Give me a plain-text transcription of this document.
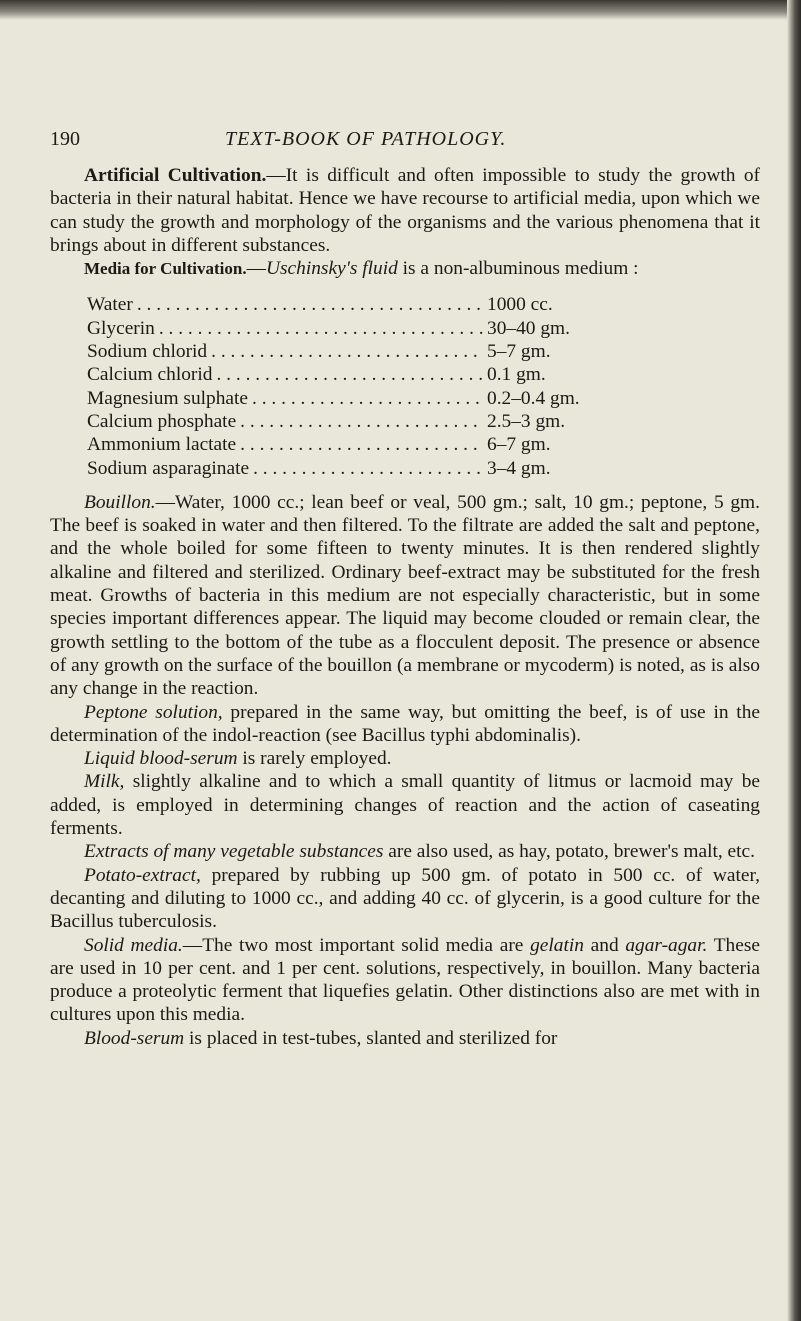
190	TEXT-BOOK OF PATHOLOGY.

Artificial Cultivation.—It is difficult and often impossible to study the growth of bacteria in their natural habitat. Hence we have recourse to artificial media, upon which we can study the growth and morphology of the organisms and the various phenomena that it brings about in different substances.

Media for Cultivation.—Uschinsky's fluid is a non-albuminous medium :

Water . . .	1000 cc.
Glycerin . . .	30–40 gm.
Sodium chlorid . . .	5–7 gm.
Calcium chlorid . . .	0.1 gm.
Magnesium sulphate . . .	0.2–0.4 gm.
Calcium phosphate . . .	2.5–3 gm.
Ammonium lactate . . .	6–7 gm.
Sodium asparaginate . . .	3–4 gm.

Bouillon.—Water, 1000 cc.; lean beef or veal, 500 gm.; salt, 10 gm.; peptone, 5 gm. The beef is soaked in water and then filtered. To the filtrate are added the salt and peptone, and the whole boiled for some fifteen to twenty minutes. It is then rendered slightly alkaline and filtered and sterilized. Ordinary beef-extract may be substituted for the fresh meat. Growths of bacteria in this medium are not especially characteristic, but in some species important differences appear. The liquid may become clouded or remain clear, the growth settling to the bottom of the tube as a flocculent deposit. The presence or absence of any growth on the surface of the bouillon (a membrane or mycoderm) is noted, as is also any change in the reaction.

Peptone solution, prepared in the same way, but omitting the beef, is of use in the determination of the indol-reaction (see Bacillus typhi abdominalis).

Liquid blood-serum is rarely employed.

Milk, slightly alkaline and to which a small quantity of litmus or lacmoid may be added, is employed in determining changes of reaction and the action of caseating ferments.

Extracts of many vegetable substances are also used, as hay, potato, brewer's malt, etc.

Potato-extract, prepared by rubbing up 500 gm. of potato in 500 cc. of water, decanting and diluting to 1000 cc., and adding 40 cc. of glycerin, is a good culture for the Bacillus tuberculosis.

Solid media.—The two most important solid media are gelatin and agar-agar. These are used in 10 per cent. and 1 per cent. solutions, respectively, in bouillon. Many bacteria produce a proteolytic ferment that liquefies gelatin. Other distinctions also are met with in cultures upon this media.

Blood-serum is placed in test-tubes, slanted and sterilized for
